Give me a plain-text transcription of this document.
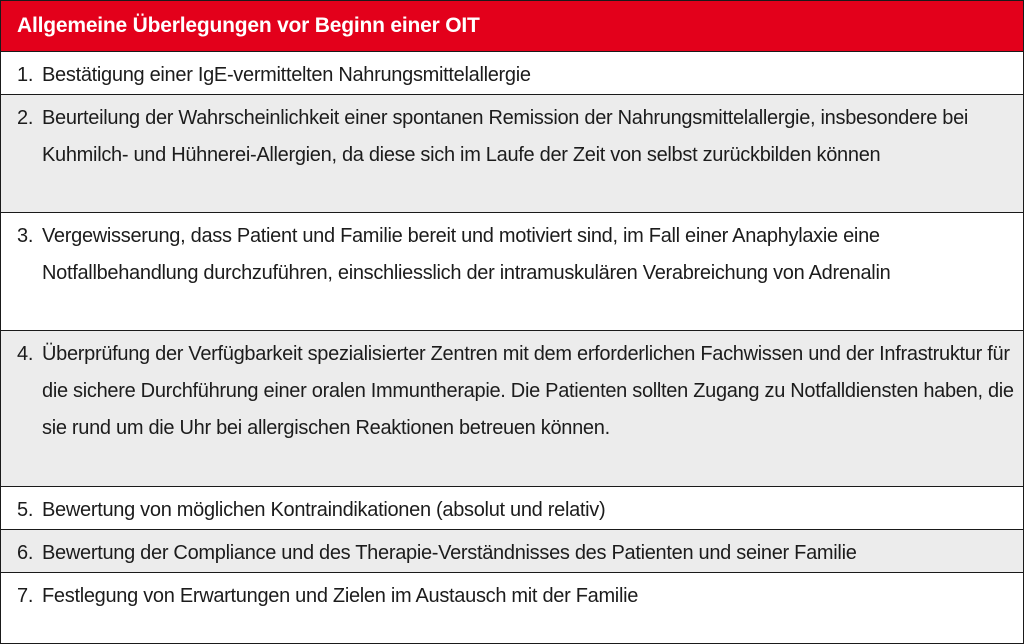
Allgemeine Überlegungen vor Beginn einer OIT
1. Bestätigung einer IgE-vermittelten Nahrungsmittelallergie
2. Beurteilung der Wahrscheinlichkeit einer spontanen Remission der Nahrungsmittelallergie, insbesondere bei Kuhmilch- und Hühnerei-Allergien, da diese sich im Laufe der Zeit von selbst zurückbilden können
3. Vergewisserung, dass Patient und Familie bereit und motiviert sind, im Fall einer Anaphylaxie eine Notfallbehandlung durchzuführen, einschliesslich der intramuskulären Verabreichung von Adrenalin
4. Überprüfung der Verfügbarkeit spezialisierter Zentren mit dem erforderlichen Fachwissen und der Infrastruktur für die sichere Durchführung einer oralen Immuntherapie. Die Patienten sollten Zugang zu Notfalldiensten haben, die sie rund um die Uhr bei allergischen Reaktionen betreuen können.
5. Bewertung von möglichen Kontraindikationen (absolut und relativ)
6. Bewertung der Compliance und des Therapie-Verständnisses des Patienten und seiner Familie
7. Festlegung von Erwartungen und Zielen im Austausch mit der Familie
